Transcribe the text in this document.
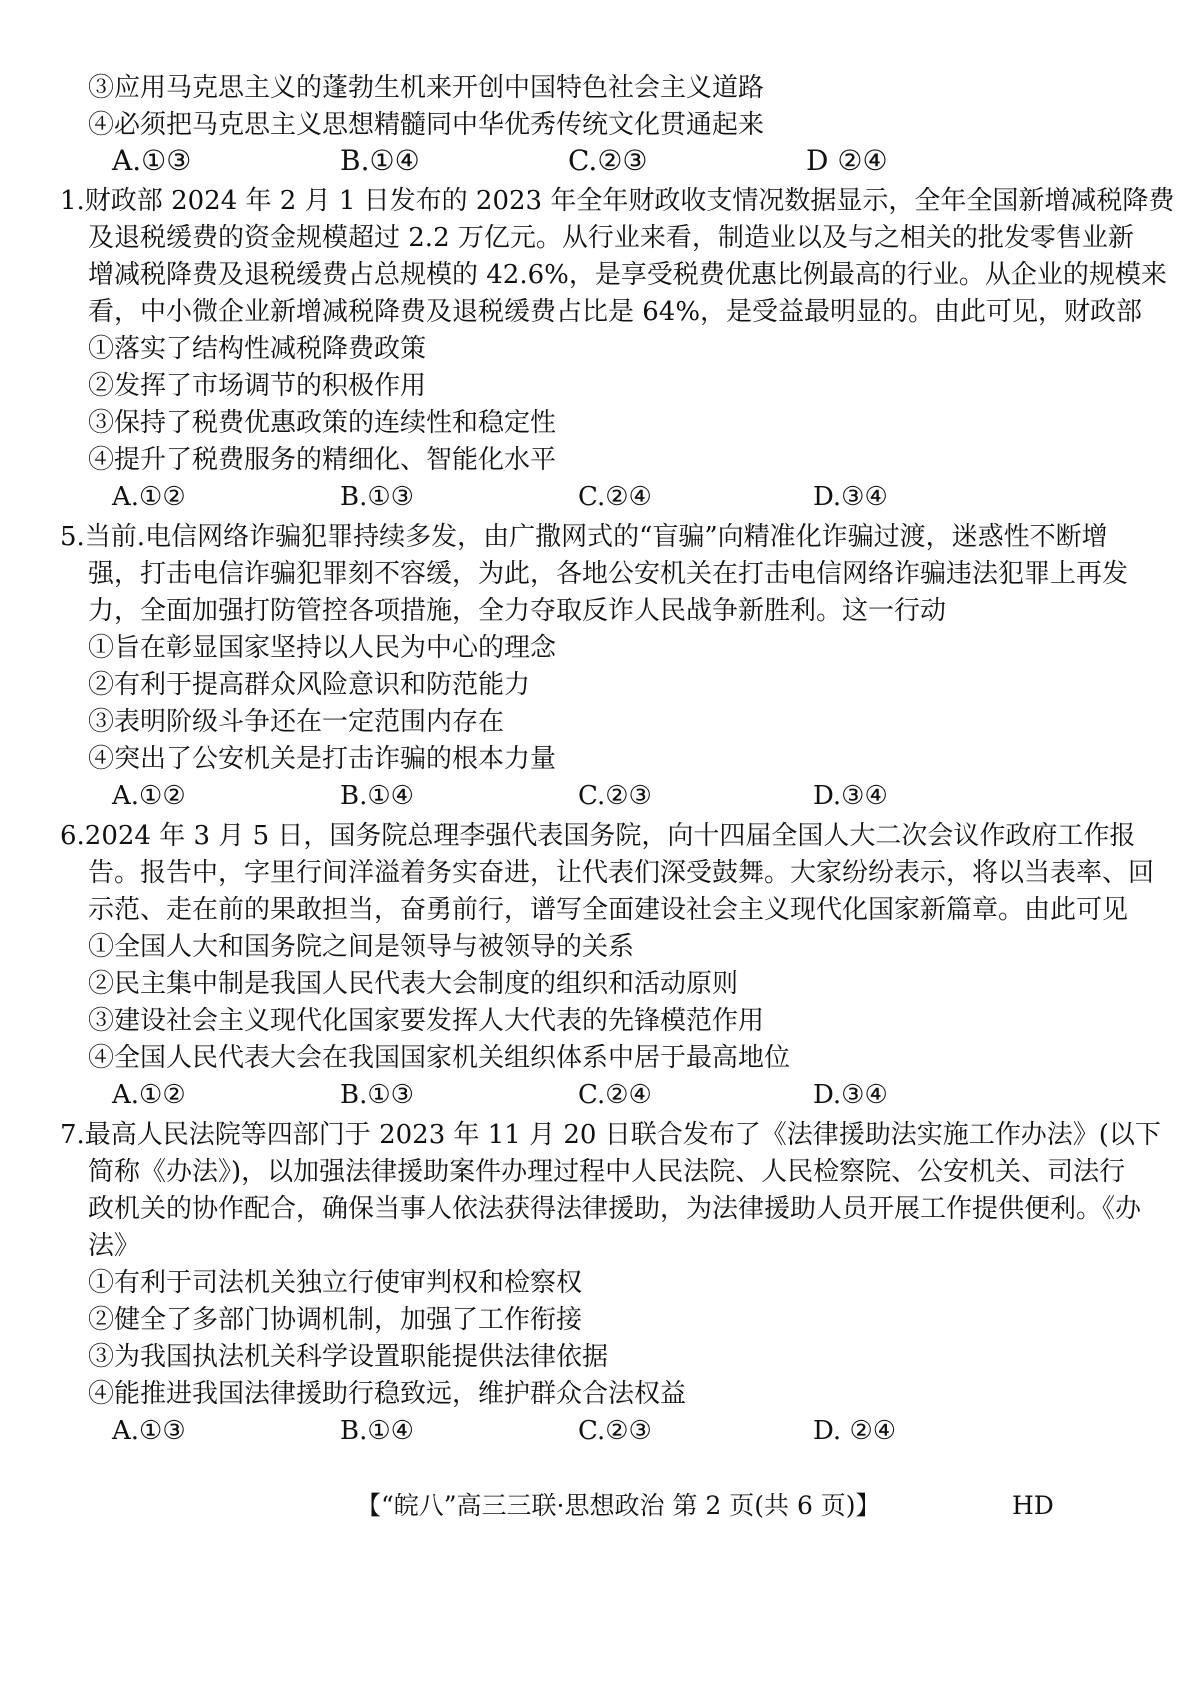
③应用马克思主义的蓬勃生机来开创中国特色社会主义道路
④必须把马克思主义思想精髓同中华优秀传统文化贯通起来
A.①③	B.①④	C.②③	D ②④
1.财政部 2024 年 2 月 1 日发布的 2023 年全年财政收支情况数据显示，全年全国新增减税降费
及退税缓费的资金规模超过 2.2 万亿元。从行业来看，制造业以及与之相关的批发零售业新
增减税降费及退税缓费占总规模的 42.6%，是享受税费优惠比例最高的行业。从企业的规模来
看，中小微企业新增减税降费及退税缓费占比是 64%，是受益最明显的。由此可见，财政部
①落实了结构性减税降费政策
②发挥了市场调节的积极作用
③保持了税费优惠政策的连续性和稳定性
④提升了税费服务的精细化、智能化水平
A.①②	B.①③	C.②④	D.③④
5.当前.电信网络诈骗犯罪持续多发，由广撒网式的“盲骗”向精准化诈骗过渡，迷惑性不断增
强，打击电信诈骗犯罪刻不容缓，为此，各地公安机关在打击电信网络诈骗违法犯罪上再发
力，全面加强打防管控各项措施，全力夺取反诈人民战争新胜利。这一行动
①旨在彰显国家坚持以人民为中心的理念
②有利于提高群众风险意识和防范能力
③表明阶级斗争还在一定范围内存在
④突出了公安机关是打击诈骗的根本力量
A.①②	B.①④	C.②③	D.③④
6.2024 年 3 月 5 日，国务院总理李强代表国务院，向十四届全国人大二次会议作政府工作报
告。报告中，字里行间洋溢着务实奋进，让代表们深受鼓舞。大家纷纷表示，将以当表率、回
示范、走在前的果敢担当，奋勇前行，谱写全面建设社会主义现代化国家新篇章。由此可见
①全国人大和国务院之间是领导与被领导的关系
②民主集中制是我国人民代表大会制度的组织和活动原则
③建设社会主义现代化国家要发挥人大代表的先锋模范作用
④全国人民代表大会在我国国家机关组织体系中居于最高地位
A.①②	B.①③	C.②④	D.③④
7.最高人民法院等四部门于 2023 年 11 月 20 日联合发布了《法律援助法实施工作办法》(以下
简称《办法》)，以加强法律援助案件办理过程中人民法院、人民检察院、公安机关、司法行
政机关的协作配合，确保当事人依法获得法律援助，为法律援助人员开展工作提供便利。《办
法》
①有利于司法机关独立行使审判权和检察权
②健全了多部门协调机制，加强了工作衔接
③为我国执法机关科学设置职能提供法律依据
④能推进我国法律援助行稳致远，维护群众合法权益
A.①③	B.①④	C.②③	D. ②④
【“皖八”高三三联·思想政治 第 2 页(共 6 页)】	HD
